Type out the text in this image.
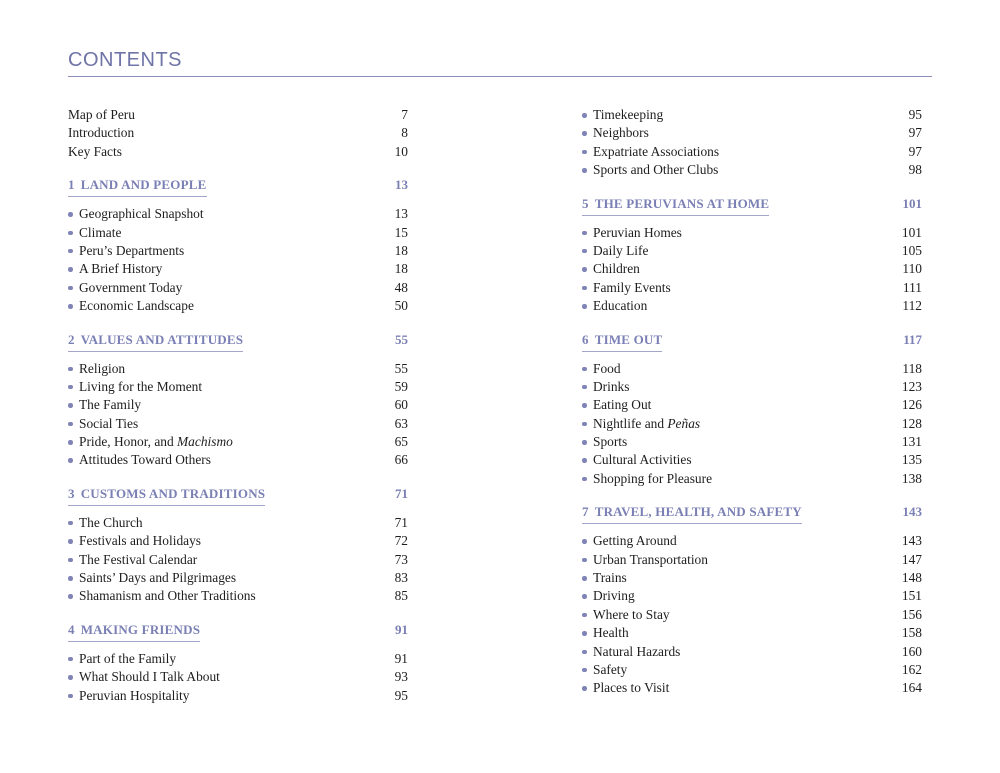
CONTENTS
Map of Peru	7
Introduction	8
Key Facts	10
1 LAND AND PEOPLE	13
Geographical Snapshot	13
Climate	15
Peru’s Departments	18
A Brief History	18
Government Today	48
Economic Landscape	50
2 VALUES AND ATTITUDES	55
Religion	55
Living for the Moment	59
The Family	60
Social Ties	63
Pride, Honor, and Machismo	65
Attitudes Toward Others	66
3 CUSTOMS AND TRADITIONS	71
The Church	71
Festivals and Holidays	72
The Festival Calendar	73
Saints’ Days and Pilgrimages	83
Shamanism and Other Traditions	85
4 MAKING FRIENDS	91
Part of the Family	91
What Should I Talk About	93
Peruvian Hospitality	95
Timekeeping	95
Neighbors	97
Expatriate Associations	97
Sports and Other Clubs	98
5 THE PERUVIANS AT HOME	101
Peruvian Homes	101
Daily Life	105
Children	110
Family Events	111
Education	112
6 TIME OUT	117
Food	118
Drinks	123
Eating Out	126
Nightlife and Peñas	128
Sports	131
Cultural Activities	135
Shopping for Pleasure	138
7 TRAVEL, HEALTH, AND SAFETY	143
Getting Around	143
Urban Transportation	147
Trains	148
Driving	151
Where to Stay	156
Health	158
Natural Hazards	160
Safety	162
Places to Visit	164
